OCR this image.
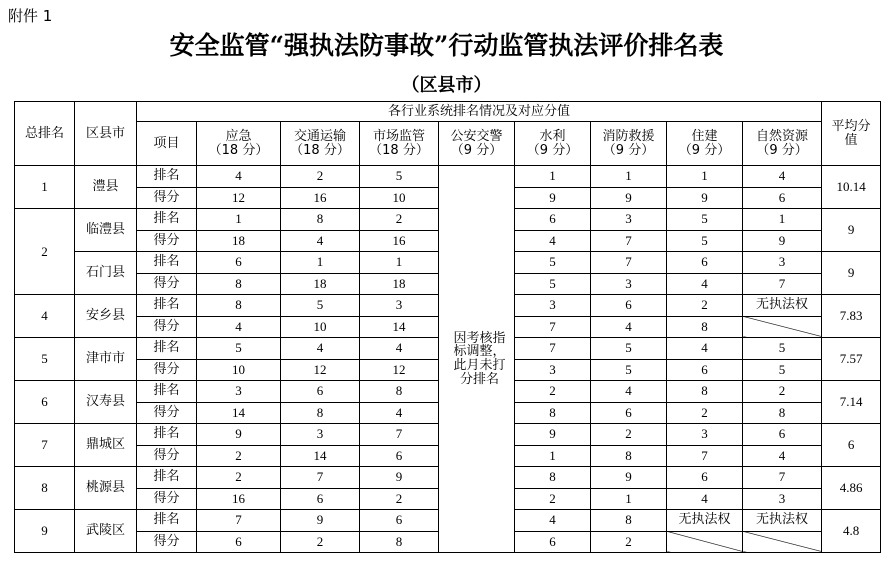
附件 1
安全监管“强执法防事故”行动监管执法评价排名表
（区县市）
总排名	区县市	各行业系统排名情况及对应分值									平均分
值
		项目	应急
（18 分）	交通运输
（18 分）	市场监管
（18 分）	公安交警
（9 分）	水利
（9 分）	消防救援
（9 分）	住建
（9 分）	自然资源
（9 分）	
1	澧县	排名	4	2	5	因考核指
标调整，
此月未打
分排名	1	1	1	4	10.14
		得分	12	16	10		9	9	9	6	
2	临澧县	排名	1	8	2		6	3	5	1	9
		得分	18	4	16		4	7	5	9	
	石门县	排名	6	1	1		5	7	6	3	9
		得分	8	18	18		5	3	4	7	
4	安乡县	排名	8	5	3		3	6	2	无执法权	7.83
		得分	4	10	14		7	4	8		
5	津市市	排名	5	4	4		7	5	4	5	7.57
		得分	10	12	12		3	5	6	5	
6	汉寿县	排名	3	6	8		2	4	8	2	7.14
		得分	14	8	4		8	6	2	8	
7	鼎城区	排名	9	3	7		9	2	3	6	6
		得分	2	14	6		1	8	7	4	
8	桃源县	排名	2	7	9		8	9	6	7	4.86
		得分	16	6	2		2	1	4	3	
9	武陵区	排名	7	9	6		4	8	无执法权	无执法权	4.8
		得分	6	2	8		6	2			
